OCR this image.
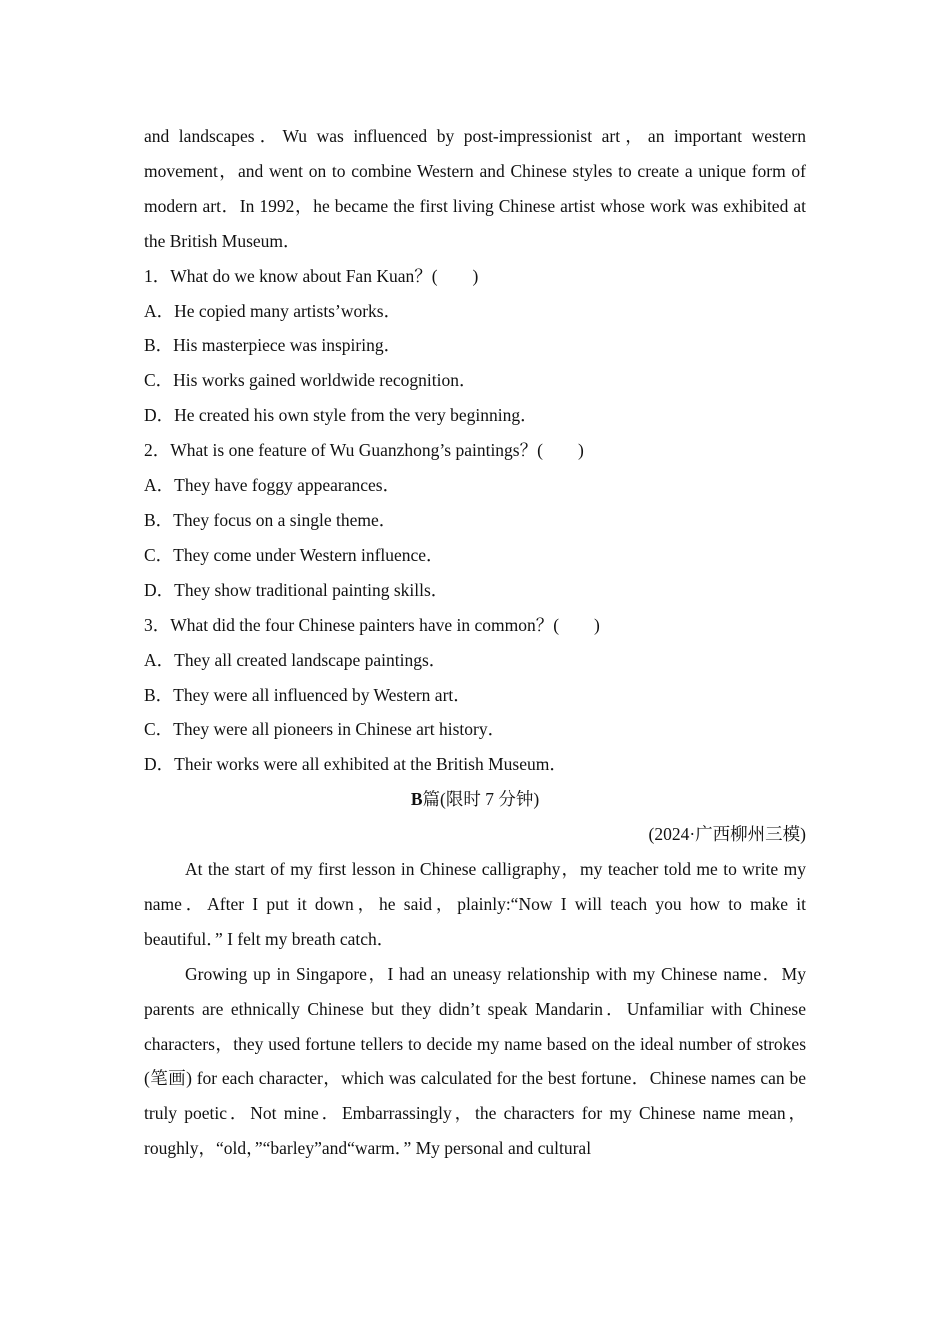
and landscapes．Wu was influenced by post-impressionist art，an important western movement，and went on to combine Western and Chinese styles to create a unique form of modern art．In 1992，he became the first living Chinese artist whose work was exhibited at the British Museum．

1．What do we know about Fan Kuan？(　　)

A．He copied many artists’works．

B．His masterpiece was inspiring．

C．His works gained worldwide recognition．

D．He created his own style from the very beginning．

2．What is one feature of Wu Guanzhong’s paintings？(　　)

A．They have foggy appearances．

B．They focus on a single theme．

C．They come under Western influence．

D．They show traditional painting skills．

3．What did the four Chinese painters have in common？(　　)

A．They all created landscape paintings．

B．They were all influenced by Western art．

C．They were all pioneers in Chinese art history．

D．Their works were all exhibited at the British Museum．

B篇(限时 7 分钟)

(2024·广西柳州三模)

At the start of my first lesson in Chinese calligraphy，my teacher told me to write my name．After I put it down，he said，plainly:“Now I will teach you how to make it beautiful．” I felt my breath catch．

Growing up in Singapore，I had an uneasy relationship with my Chinese name．My parents are ethnically Chinese but they didn’t speak Mandarin．Unfamiliar with Chinese characters，they used fortune tellers to decide my name based on the ideal number of strokes (笔画) for each character，which was calculated for the best fortune．Chinese names can be truly poetic．Not mine．Embarrassingly，the characters for my Chinese name mean，roughly，“old，”“barley”and“warm．” My personal and cultural
